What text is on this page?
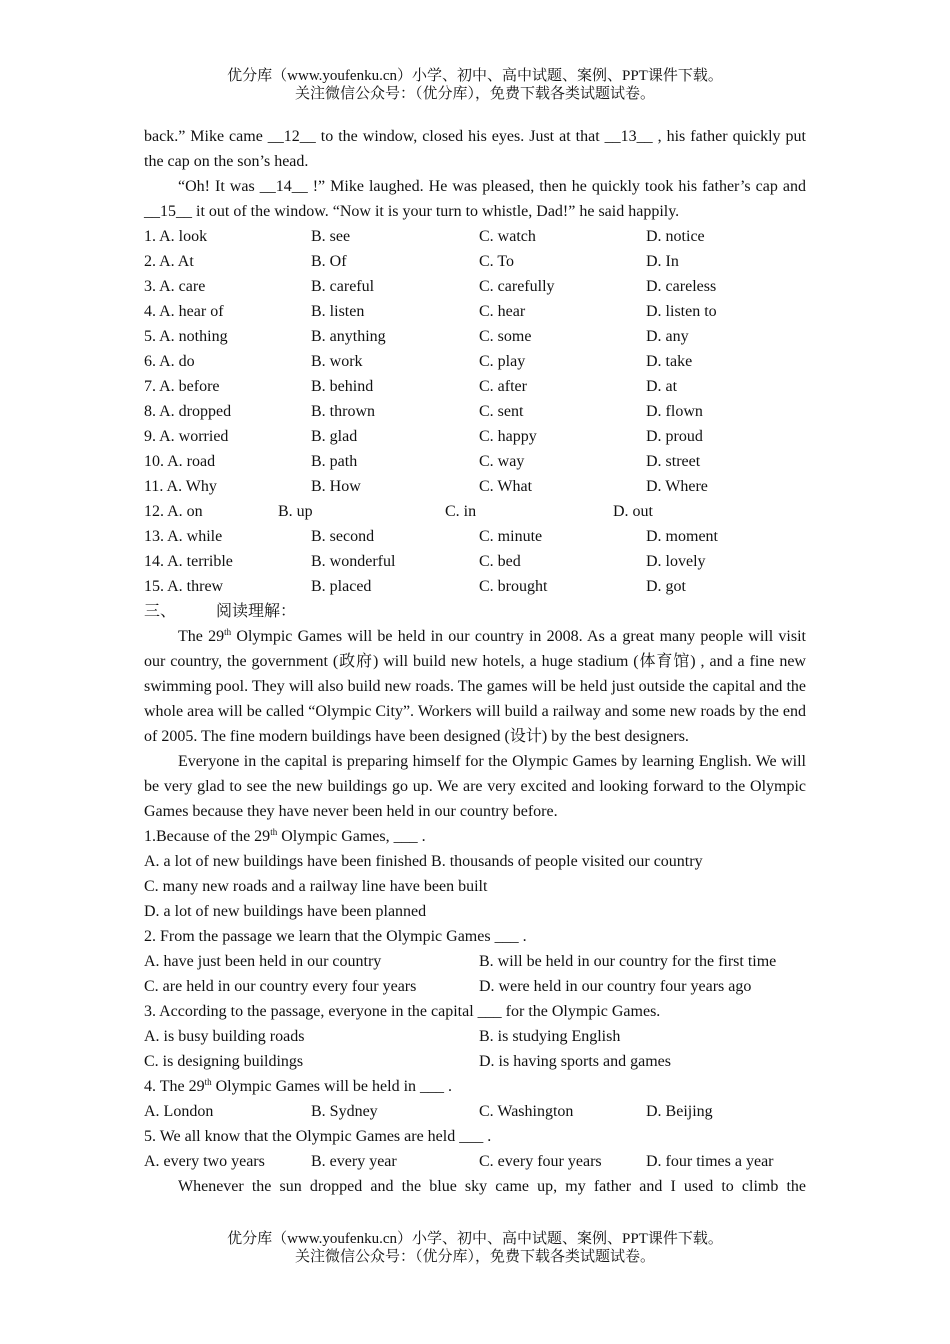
优分库（www.youfenku.cn）小学、初中、高中试题、案例、PPT课件下载。
关注微信公众号：（优分库），免费下载各类试题试卷。

back.” Mike came __12__ to the window, closed his eyes. Just at that __13__ , his father quickly put the cap on the son’s head.

“Oh! It was __14__ !” Mike laughed. He was pleased, then he quickly took his father’s cap and __15__ it out of the window. “Now it is your turn to whistle, Dad!” he said happily.

1. A. look	B. see	C. watch	D. notice
2. A. At	B. Of	C. To	D. In
3. A. care	B. careful	C. carefully	D. careless
4. A. hear of	B. listen	C. hear	D. listen to
5. A. nothing	B. anything	C. some	D. any
6. A. do	B. work	C. play	D. take
7. A. before	B. behind	C. after	D. at
8. A. dropped	B. thrown	C. sent	D. flown
9. A. worried	B. glad	C. happy	D. proud
10. A. road	B. path	C. way	D. street
11. A. Why	B. How	C. What	D. Where
12. A. on	B. up	C. in	D. out
13. A. while	B. second	C. minute	D. moment
14. A. terrible	B. wonderful	C. bed	D. lovely
15. A. threw	B. placed	C. brought	D. got
三、	阅读理解：

The 29th Olympic Games will be held in our country in 2008. As a great many people will visit our country, the government (政府) will build new hotels, a huge stadium (体育馆) , and a fine new swimming pool. They will also build new roads. The games will be held just outside the capital and the whole area will be called “Olympic City”. Workers will build a railway and some new roads by the end of 2005. The fine modern buildings have been designed (设计) by the best designers.

Everyone in the capital is preparing himself for the Olympic Games by learning English. We will be very glad to see the new buildings go up. We are very excited and looking forward to the Olympic Games because they have never been held in our country before.

1.Because of the 29th Olympic Games, ___ .
A. a lot of new buildings have been finished B. thousands of people visited our country
C. many new roads and a railway line have been built
D. a lot of new buildings have been planned
2. From the passage we learn that the Olympic Games ___ .
A. have just been held in our country	B. will be held in our country for the first time
C. are held in our country every four years	D. were held in our country four years ago
3. According to the passage, everyone in the capital ___ for the Olympic Games.
A. is busy building roads	B. is studying English
C. is designing buildings	D. is having sports and games
4. The 29th Olympic Games will be held in ___ .
A. London	B. Sydney	C. Washington	D. Beijing
5. We all know that the Olympic Games are held ___ .
A. every two years	B. every year	C. every four years	D. four times a year

Whenever the sun dropped and the blue sky came up, my father and I used to climb the

优分库（www.youfenku.cn）小学、初中、高中试题、案例、PPT课件下载。
关注微信公众号：（优分库），免费下载各类试题试卷。
